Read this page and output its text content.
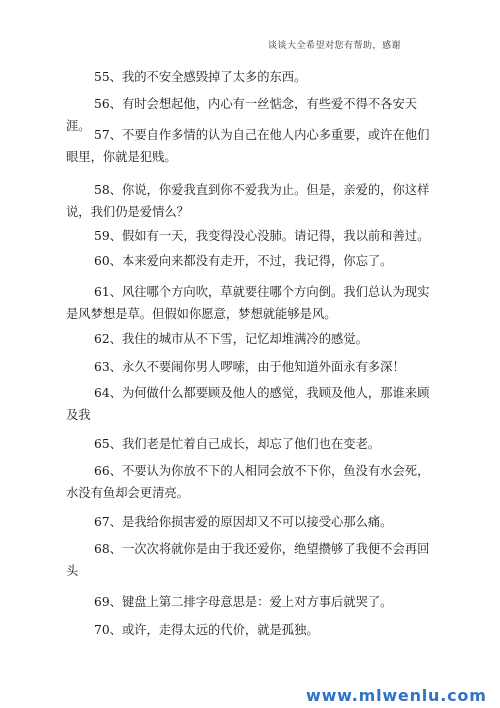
谈谈大全希望对您有帮助，感谢
55、我的不安全感毁掉了太多的东西。
56、有时会想起他，内心有一丝惦念，有些爱不得不各安天涯。
57、不要自作多情的认为自己在他人内心多重要，或许在他们眼里，你就是犯贱。
58、你说，你爱我直到你不爱我为止。但是，亲爱的，你这样说，我们仍是爱情么？
59、假如有一天，我变得没心没肺。请记得，我以前和善过。
60、本来爱向来都没有走开，不过，我记得，你忘了。
61、风往哪个方向吹，草就要往哪个方向倒。我们总认为现实是风梦想是草。但假如你愿意，梦想就能够是风。
62、我住的城市从不下雪，记忆却堆满冷的感觉。
63、永久不要闹你男人啰嗦，由于他知道外面永有多深！
64、为何做什么都要顾及他人的感觉，我顾及他人，那谁来顾及我
65、我们老是忙着自己成长，却忘了他们也在变老。
66、不要认为你放不下的人相同会放不下你，鱼没有水会死，水没有鱼却会更清亮。
67、是我给你损害爱的原因却又不可以接受心那么痛。
68、一次次将就你是由于我还爱你，绝望攒够了我便不会再回头
69、键盘上第二排字母意思是：爱上对方事后就哭了。
70、或许，走得太远的代价，就是孤独。
www.mlwenlu.com
